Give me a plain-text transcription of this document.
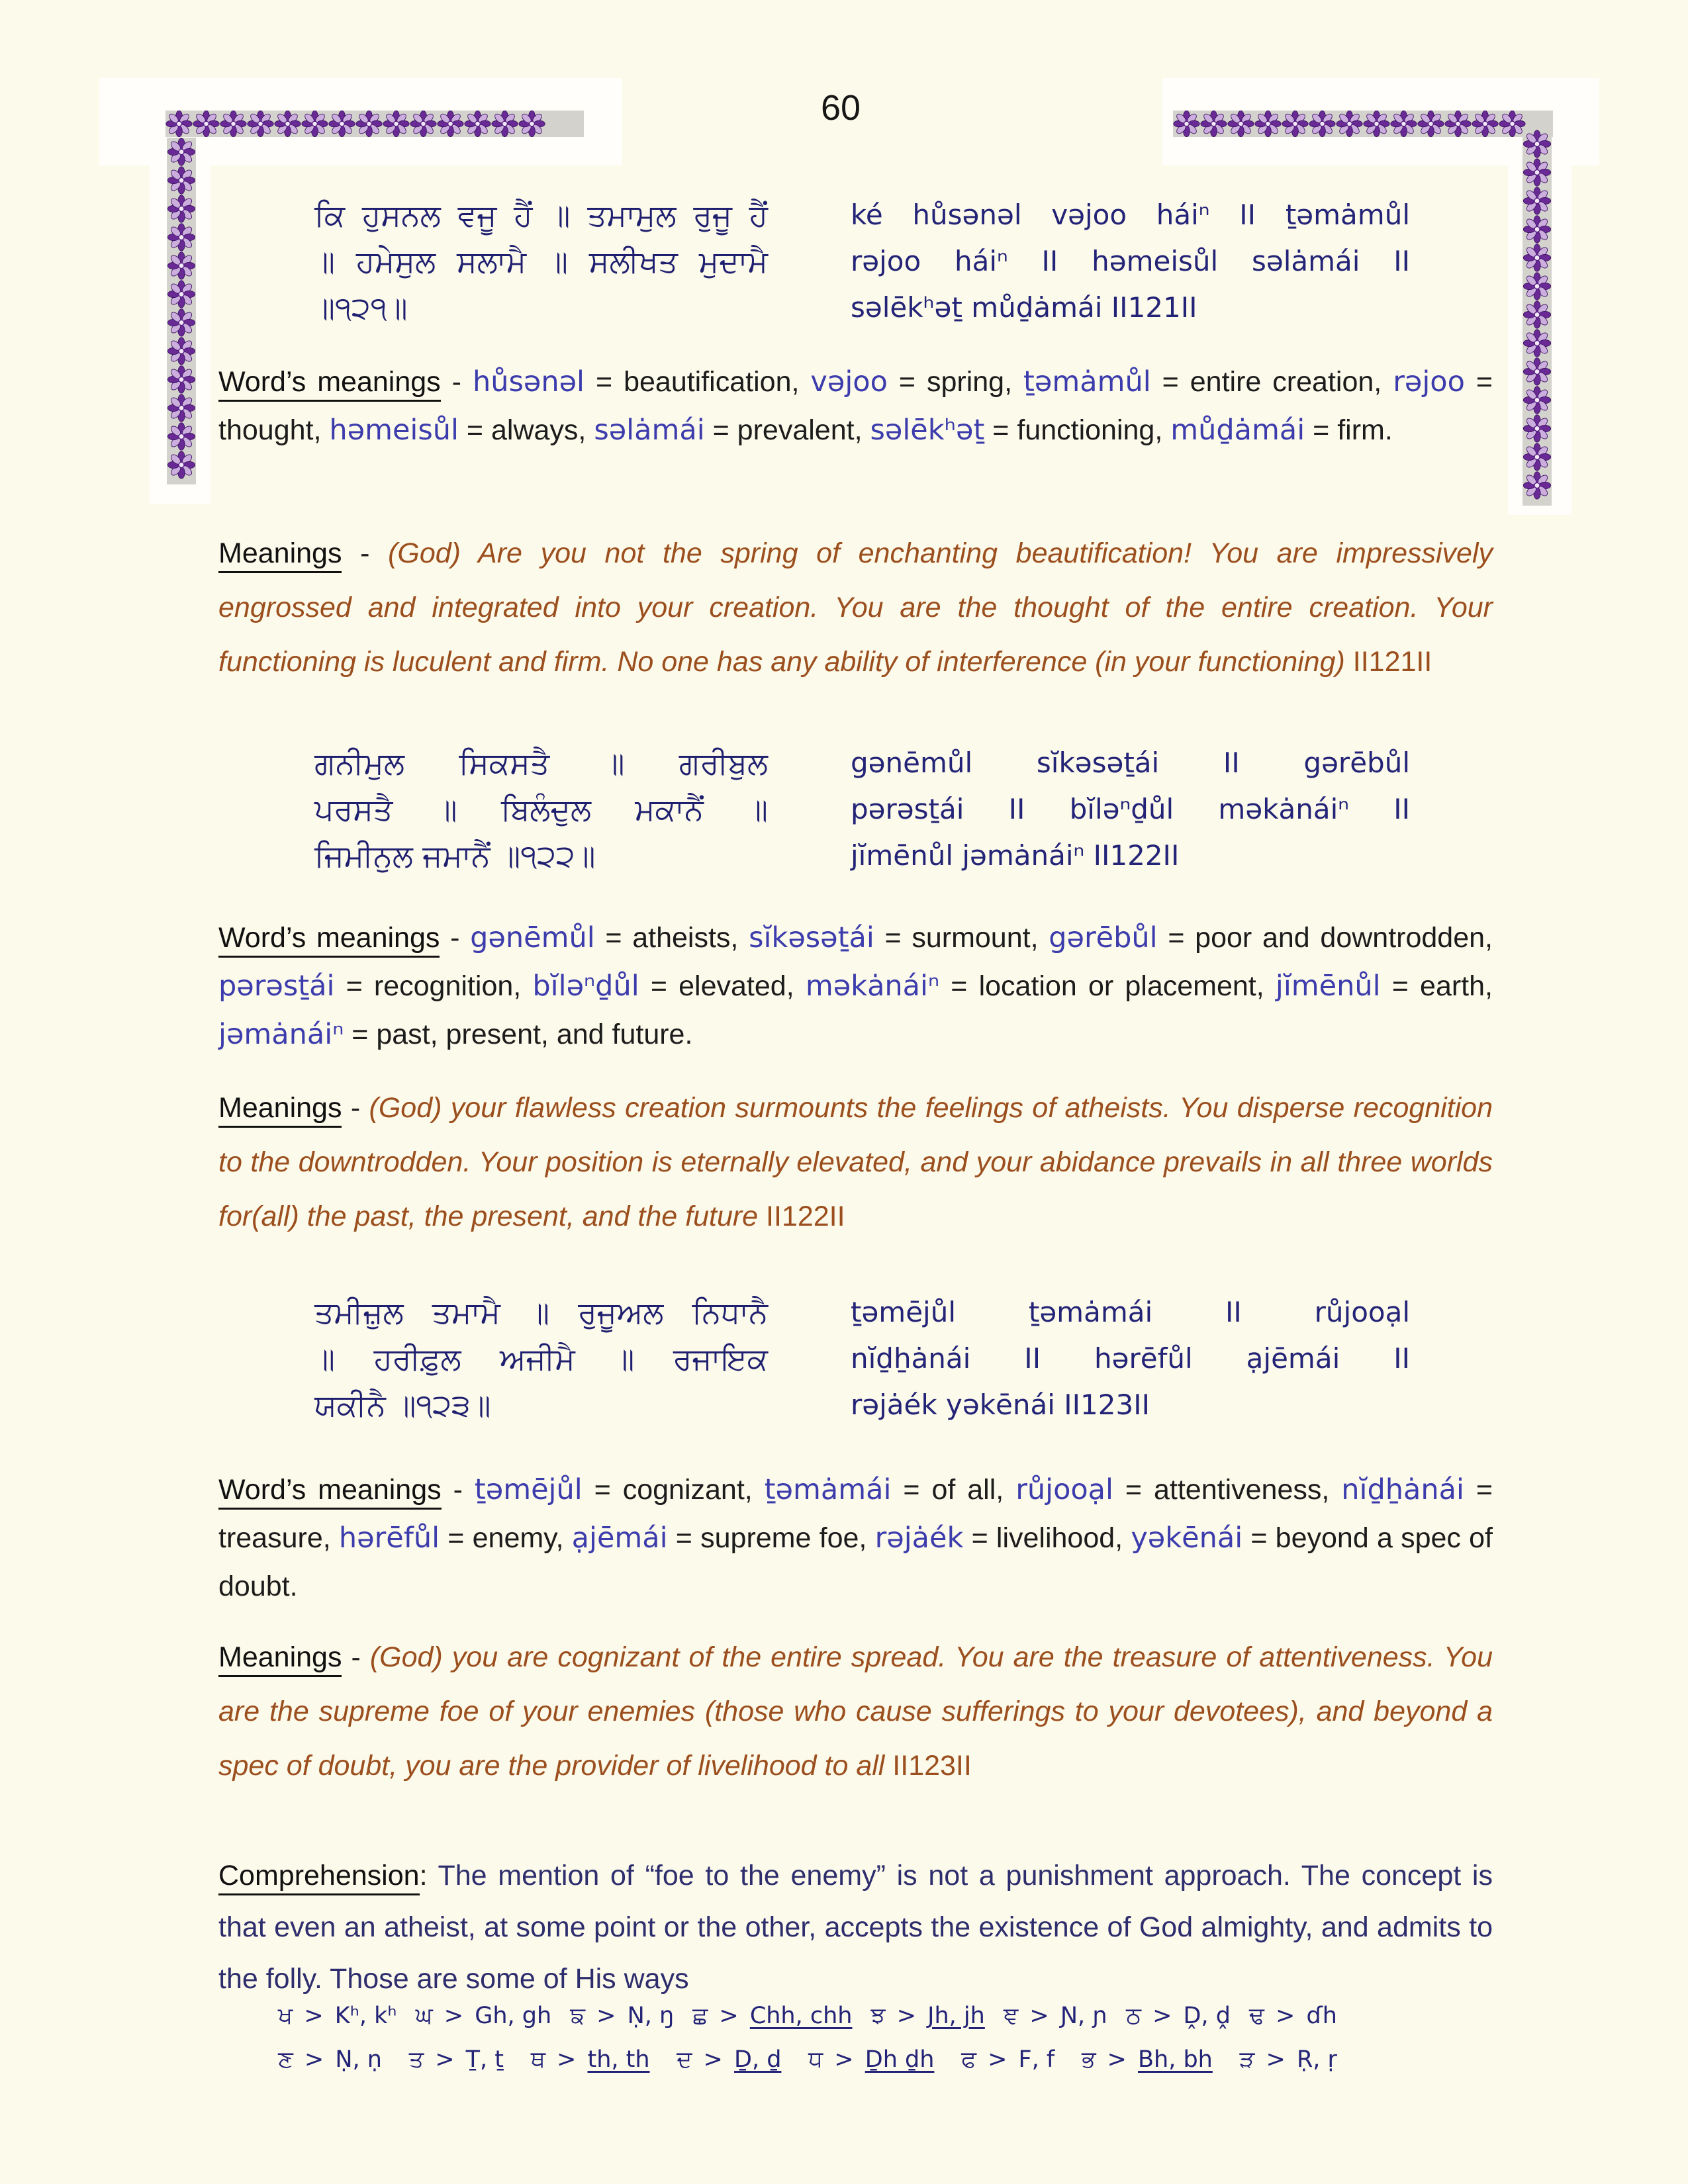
60
ਕਿ ਹੁਸਨਲ ਵਜੂ ਹੈਂ ॥ ਤਮਾਮੁਲ ਰੁਜੂ ਹੈਂ
॥ ਹਮੇਸੁਲ ਸਲਾਮੈ ॥ ਸਲੀਖਤ ਮੁਦਾਮੈ
॥੧੨੧॥
ké hůsənəl vəjoo háiⁿ II ṯəmȧmůl
rəjoo háiⁿ II həmeisůl səlȧmái II
səlēkʰəṯ můḏȧmái II121II

Word’s meanings - hůsənəl = beautification, vəjoo = spring, ṯəmȧmůl = entire creation, rəjoo = thought, həmeisůl = always, səlȧmái = prevalent, səlēkʰəṯ = functioning, můḏȧmái = firm.

Meanings - (God) Are you not the spring of enchanting beautification! You are impressively engrossed and integrated into your creation. You are the thought of the entire creation. Your functioning is luculent and firm. No one has any ability of interference (in your functioning) II121II

ਗਨੀਮੁਲ ਸਿਕਸਤੈ ॥ ਗਰੀਬੁਲ
ਪਰਸਤੈ ॥ ਬਿਲੰਦੁਲ ਮਕਾਨੈਂ ॥
ਜਿਮੀਨੁਲ ਜਮਾਨੈਂ ॥੧੨੨॥
gənēmůl sĭkəsəṯái II gərēbůl
pərəsṯái II bĭləⁿḏůl məkȧnáiⁿ II
jĭmēnůl jəmȧnáiⁿ II122II

Word’s meanings - gənēmůl = atheists, sĭkəsəṯái = surmount, gərēbůl = poor and downtrodden, pərəsṯái = recognition, bĭləⁿḏůl = elevated, məkȧnáiⁿ = location or placement, jĭmēnůl = earth, jəmȧnáiⁿ = past, present, and future.

Meanings - (God) your flawless creation surmounts the feelings of atheists. You disperse recognition to the downtrodden. Your position is eternally elevated, and your abidance prevails in all three worlds for(all) the past, the present, and the future II122II

ਤਮੀਜ਼ੁਲ ਤਮਾਮੈ ॥ ਰੁਜੂਅਲ ਨਿਧਾਨੈ
॥ ਹਰੀਫ਼ੁਲ ਅਜੀਮੈ ॥ ਰਜਾਇਕ
ਯਕੀਨੈ ॥੧੨੩॥
ṯəmējůl ṯəmȧmái II růjooạl
nĭḏẖȧnái II hərēfůl ạjēmái II
rəjȧék yəkēnái II123II

Word’s meanings - ṯəmējůl = cognizant, ṯəmȧmái = of all, růjooạl = attentiveness, nĭḏẖȧnái = treasure, hərēfůl = enemy, ạjēmái = supreme foe, rəjȧék = livelihood, yəkēnái = beyond a spec of doubt.

Meanings - (God) you are cognizant of the entire spread. You are the treasure of attentiveness. You are the supreme foe of your enemies (those who cause sufferings to your devotees), and beyond a spec of doubt, you are the provider of livelihood to all II123II

Comprehension: The mention of “foe to the enemy” is not a punishment approach. The concept is that even an atheist, at some point or the other, accepts the existence of God almighty, and admits to the folly. Those are some of His ways

ਖ > Kʰ, kʰ ਘ > Gh, gh ਙ > Ṇ, ŋ ਛ > Chh, chh ਝ > Jh, jh ਞ > Ɲ, ɲ ਠ > Ḓ, ḓ ਢ > ɗh
ਣ > Ṇ, ṇ ਤ > Ṯ, ṯ ਥ > th, th ਦ > Ḏ, ḏ ਧ > Ḏh ḏh ਫ > F, f ਭ > Bh, bh ੜ > Ṛ, ṛ
